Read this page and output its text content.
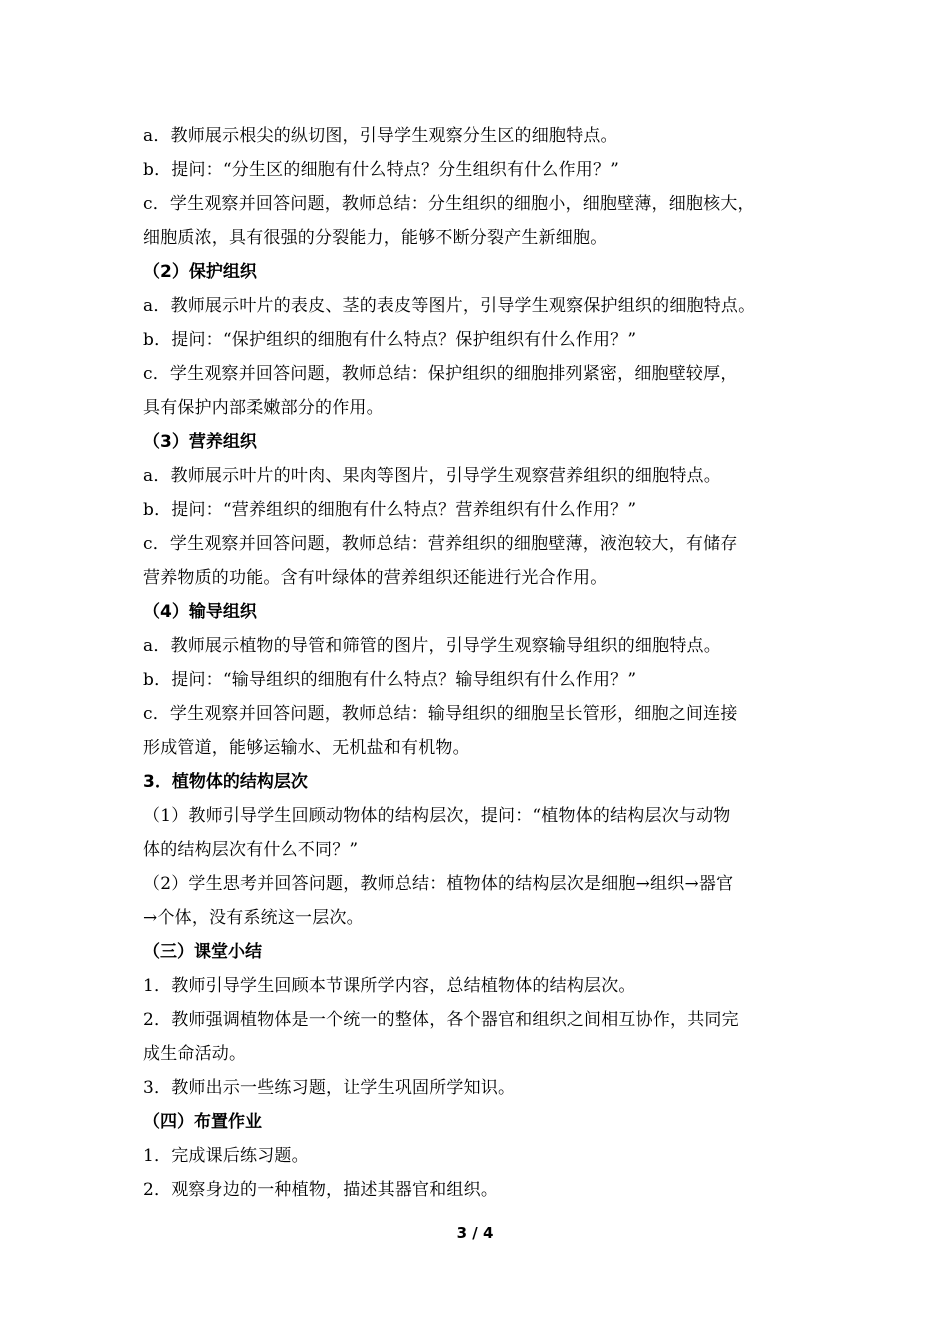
a．教师展示根尖的纵切图，引导学生观察分生区的细胞特点。
b．提问：“分生区的细胞有什么特点？分生组织有什么作用？”
c．学生观察并回答问题，教师总结：分生组织的细胞小，细胞壁薄，细胞核大，
细胞质浓，具有很强的分裂能力，能够不断分裂产生新细胞。
（2）保护组织
a．教师展示叶片的表皮、茎的表皮等图片，引导学生观察保护组织的细胞特点。
b．提问：“保护组织的细胞有什么特点？保护组织有什么作用？”
c．学生观察并回答问题，教师总结：保护组织的细胞排列紧密，细胞壁较厚，
具有保护内部柔嫩部分的作用。
（3）营养组织
a．教师展示叶片的叶肉、果肉等图片，引导学生观察营养组织的细胞特点。
b．提问：“营养组织的细胞有什么特点？营养组织有什么作用？”
c．学生观察并回答问题，教师总结：营养组织的细胞壁薄，液泡较大，有储存
营养物质的功能。含有叶绿体的营养组织还能进行光合作用。
（4）输导组织
a．教师展示植物的导管和筛管的图片，引导学生观察输导组织的细胞特点。
b．提问：“输导组织的细胞有什么特点？输导组织有什么作用？”
c．学生观察并回答问题，教师总结：输导组织的细胞呈长管形，细胞之间连接
形成管道，能够运输水、无机盐和有机物。
3．植物体的结构层次
（1）教师引导学生回顾动物体的结构层次，提问：“植物体的结构层次与动物
体的结构层次有什么不同？”
（2）学生思考并回答问题，教师总结：植物体的结构层次是细胞→组织→器官
→个体，没有系统这一层次。
（三）课堂小结
1．教师引导学生回顾本节课所学内容，总结植物体的结构层次。
2．教师强调植物体是一个统一的整体，各个器官和组织之间相互协作，共同完
成生命活动。
3．教师出示一些练习题，让学生巩固所学知识。
（四）布置作业
1．完成课后练习题。
2．观察身边的一种植物，描述其器官和组织。
3 / 4
